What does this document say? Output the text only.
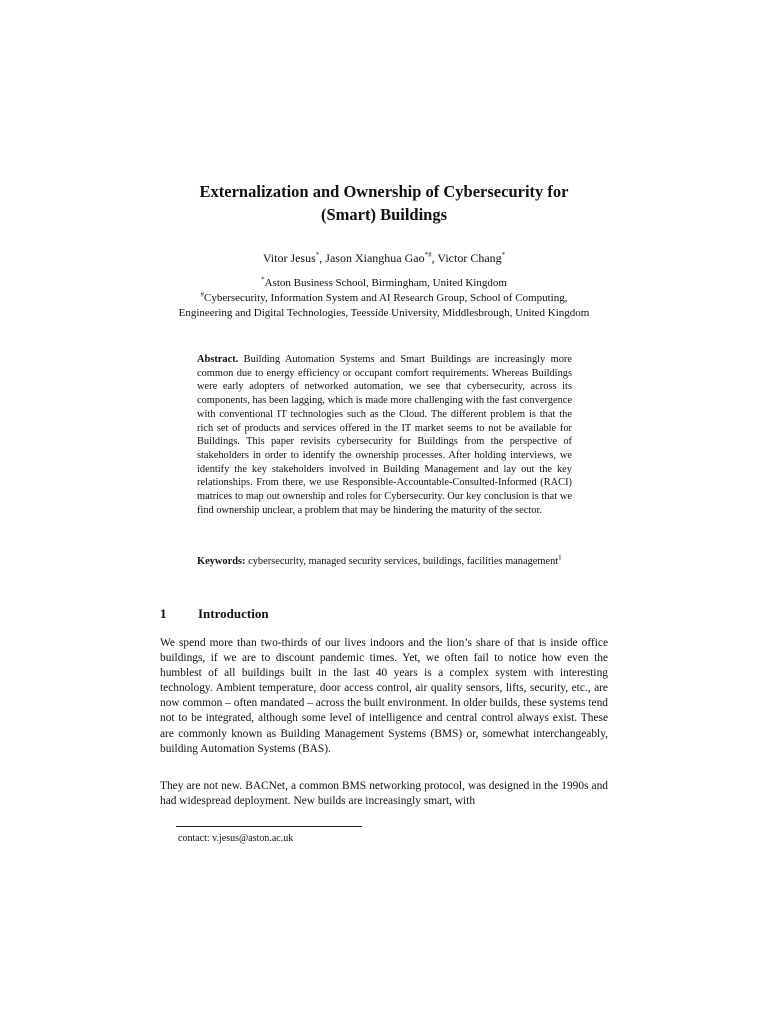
Externalization and Ownership of Cybersecurity for
(Smart) Buildings
Vitor Jesus*, Jason Xianghua Gao*#, Victor Chang*
*Aston Business School, Birmingham, United Kingdom
#Cybersecurity, Information System and AI Research Group, School of Computing,
Engineering and Digital Technologies, Teesside University, Middlesbrough, United Kingdom
Abstract. Building Automation Systems and Smart Buildings are increasingly more common due to energy efficiency or occupant comfort requirements. Whereas Buildings were early adopters of networked automation, we see that cybersecurity, across its components, has been lagging, which is made more challenging with the fast convergence with conventional IT technologies such as the Cloud. The different problem is that the rich set of products and services offered in the IT market seems to not be available for Buildings. This paper revisits cybersecurity for Buildings from the perspective of stakeholders in order to identify the ownership processes. After holding interviews, we identify the key stakeholders involved in Building Management and lay out the key relationships. From there, we use Responsible-Accountable-Consulted-Informed (RACI) matrices to map out ownership and roles for Cybersecurity. Our key conclusion is that we find ownership unclear, a problem that may be hindering the maturity of the sector.
Keywords: cybersecurity, managed security services, buildings, facilities management$^1$
1 Introduction
We spend more than two-thirds of our lives indoors and the lion’s share of that is inside office buildings, if we are to discount pandemic times. Yet, we often fail to notice how even the humblest of all buildings built in the last 40 years is a complex system with interesting technology. Ambient temperature, door access control, air quality sensors, lifts, security, etc., are now common – often mandated – across the built environment. In older builds, these systems tend not to be integrated, although some level of intelligence and central control always exist. These are commonly known as Building Management Systems (BMS) or, somewhat interchangeably, building Automation Systems (BAS).
They are not new. BACNet, a common BMS networking protocol, was designed in the 1990s and had widespread deployment. New builds are increasingly smart, with
contact: v.jesus@aston.ac.uk
